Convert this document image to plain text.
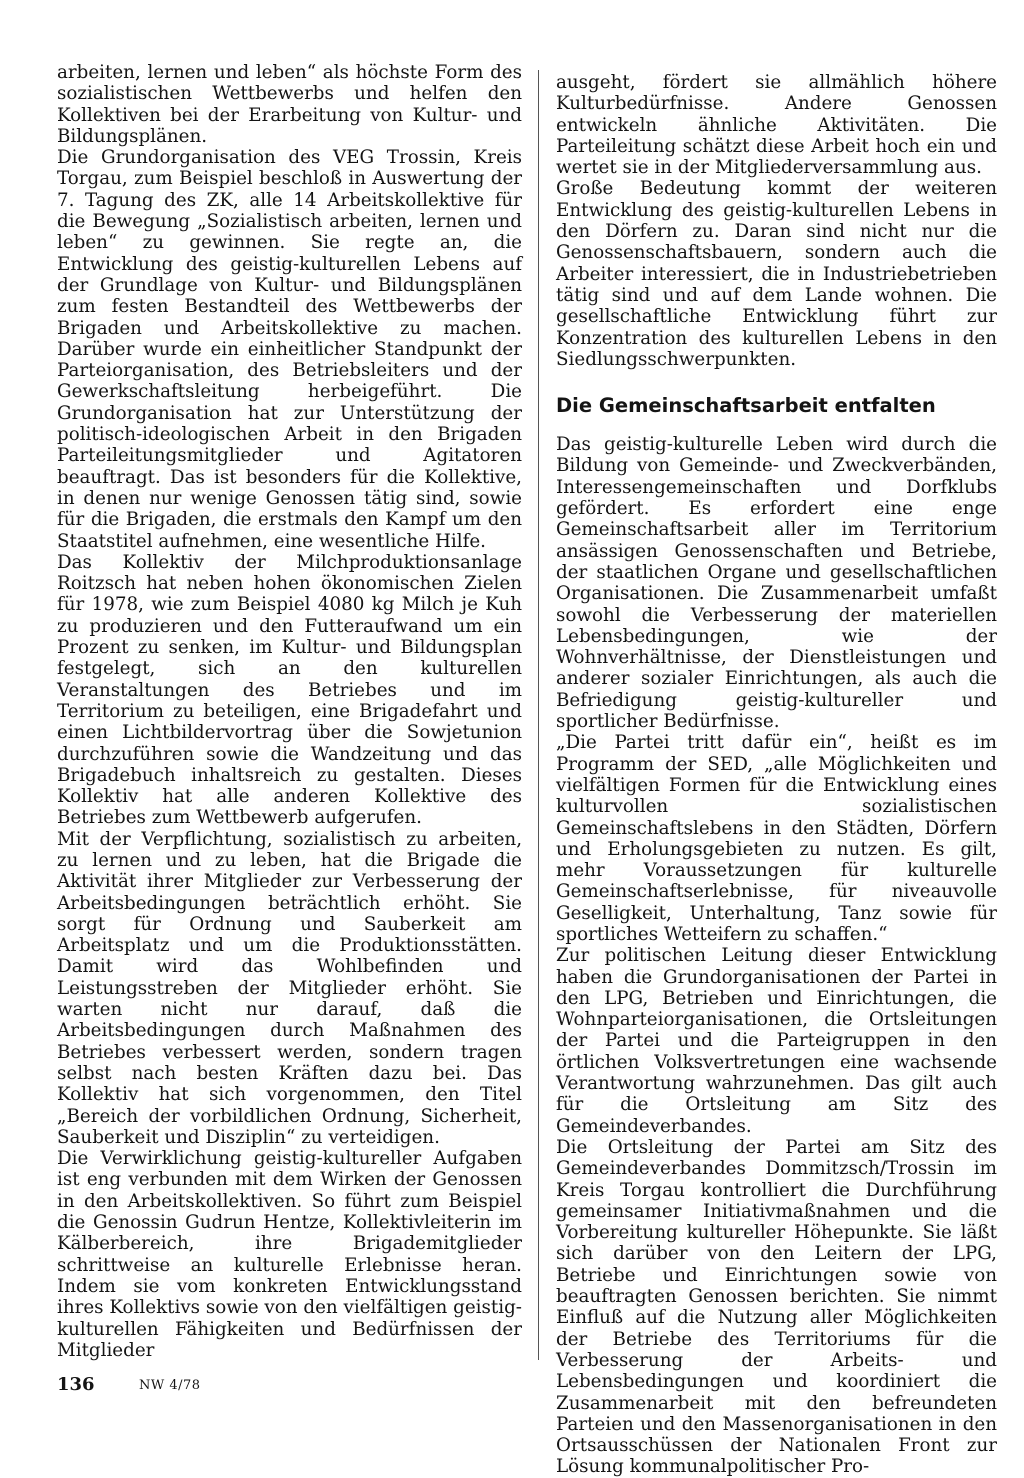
arbeiten, lernen und leben“ als höchste Form des sozialistischen Wettbewerbs und helfen den Kollektiven bei der Erarbeitung von Kultur- und Bildungsplänen.

Die Grundorganisation des VEG Trossin, Kreis Torgau, zum Beispiel beschloß in Auswertung der 7. Tagung des ZK, alle 14 Arbeitskollektive für die Bewegung „Sozialistisch arbeiten, lernen und leben“ zu gewinnen. Sie regte an, die Entwicklung des geistig-kulturellen Lebens auf der Grundlage von Kultur- und Bildungsplänen zum festen Bestandteil des Wettbewerbs der Brigaden und Arbeitskollektive zu machen. Darüber wurde ein einheitlicher Standpunkt der Parteiorganisation, des Betriebsleiters und der Gewerkschaftsleitung herbeigeführt. Die Grundorganisation hat zur Unterstützung der politisch-ideologischen Arbeit in den Brigaden Parteileitungsmitglieder und Agitatoren beauftragt. Das ist besonders für die Kollektive, in denen nur wenige Genossen tätig sind, sowie für die Brigaden, die erstmals den Kampf um den Staatstitel aufnehmen, eine wesentliche Hilfe.

Das Kollektiv der Milchproduktionsanlage Roitzsch hat neben hohen ökonomischen Zielen für 1978, wie zum Beispiel 4080 kg Milch je Kuh zu produzieren und den Futteraufwand um ein Prozent zu senken, im Kultur- und Bildungsplan festgelegt, sich an den kulturellen Veranstaltungen des Betriebes und im Territorium zu beteiligen, eine Brigadefahrt und einen Lichtbildervortrag über die Sowjetunion durchzuführen sowie die Wandzeitung und das Brigadebuch inhaltsreich zu gestalten. Dieses Kollektiv hat alle anderen Kollektive des Betriebes zum Wettbewerb aufgerufen.

Mit der Verpflichtung, sozialistisch zu arbeiten, zu lernen und zu leben, hat die Brigade die Aktivität ihrer Mitglieder zur Verbesserung der Arbeitsbedingungen beträchtlich erhöht. Sie sorgt für Ordnung und Sauberkeit am Arbeitsplatz und um die Produktionsstätten. Damit wird das Wohlbefinden und Leistungsstreben der Mitglieder erhöht. Sie warten nicht nur darauf, daß die Arbeitsbedingungen durch Maßnahmen des Betriebes verbessert werden, sondern tragen selbst nach besten Kräften dazu bei. Das Kollektiv hat sich vorgenommen, den Titel „Bereich der vorbildlichen Ordnung, Sicherheit, Sauberkeit und Disziplin“ zu verteidigen.

Die Verwirklichung geistig-kultureller Aufgaben ist eng verbunden mit dem Wirken der Genossen in den Arbeitskollektiven. So führt zum Beispiel die Genossin Gudrun Hentze, Kollektivleiterin im Kälberbereich, ihre Brigademitglieder schrittweise an kulturelle Erlebnisse heran. Indem sie vom konkreten Entwicklungsstand ihres Kollektivs sowie von den vielfältigen geistig-kulturellen Fähigkeiten und Bedürfnissen der Mitglieder

ausgeht, fördert sie allmählich höhere Kulturbedürfnisse. Andere Genossen entwickeln ähnliche Aktivitäten. Die Parteileitung schätzt diese Arbeit hoch ein und wertet sie in der Mitgliederversammlung aus.

Große Bedeutung kommt der weiteren Entwicklung des geistig-kulturellen Lebens in den Dörfern zu. Daran sind nicht nur die Genossenschaftsbauern, sondern auch die Arbeiter interessiert, die in Industriebetrieben tätig sind und auf dem Lande wohnen. Die gesellschaftliche Entwicklung führt zur Konzentration des kulturellen Lebens in den Siedlungsschwerpunkten.

Die Gemeinschaftsarbeit entfalten

Das geistig-kulturelle Leben wird durch die Bildung von Gemeinde- und Zweckverbänden, Interessengemeinschaften und Dorfklubs gefördert. Es erfordert eine enge Gemeinschaftsarbeit aller im Territorium ansässigen Genossenschaften und Betriebe, der staatlichen Organe und gesellschaftlichen Organisationen. Die Zusammenarbeit umfaßt sowohl die Verbesserung der materiellen Lebensbedingungen, wie der Wohnverhältnisse, der Dienstleistungen und anderer sozialer Einrichtungen, als auch die Befriedigung geistig-kultureller und sportlicher Bedürfnisse.

„Die Partei tritt dafür ein“, heißt es im Programm der SED, „alle Möglichkeiten und vielfältigen Formen für die Entwicklung eines kulturvollen sozialistischen Gemeinschaftslebens in den Städten, Dörfern und Erholungsgebieten zu nutzen. Es gilt, mehr Voraussetzungen für kulturelle Gemeinschaftserlebnisse, für niveauvolle Geselligkeit, Unterhaltung, Tanz sowie für sportliches Wetteifern zu schaffen.“

Zur politischen Leitung dieser Entwicklung haben die Grundorganisationen der Partei in den LPG, Betrieben und Einrichtungen, die Wohnparteiorganisationen, die Ortsleitungen der Partei und die Parteigruppen in den örtlichen Volksvertretungen eine wachsende Verantwortung wahrzunehmen. Das gilt auch für die Ortsleitung am Sitz des Gemeindeverbandes.

Die Ortsleitung der Partei am Sitz des Gemeindeverbandes Dommitzsch/Trossin im Kreis Torgau kontrolliert die Durchführung gemeinsamer Initiativmaßnahmen und die Vorbereitung kultureller Höhepunkte. Sie läßt sich darüber von den Leitern der LPG, Betriebe und Einrichtungen sowie von beauftragten Genossen berichten. Sie nimmt Einfluß auf die Nutzung aller Möglichkeiten der Betriebe des Territoriums für die Verbesserung der Arbeits- und Lebensbedingungen und koordiniert die Zusammenarbeit mit den befreundeten Parteien und den Massenorganisationen in den Ortsausschüssen der Nationalen Front zur Lösung kommunalpolitischer Pro-

136	NW 4/78
